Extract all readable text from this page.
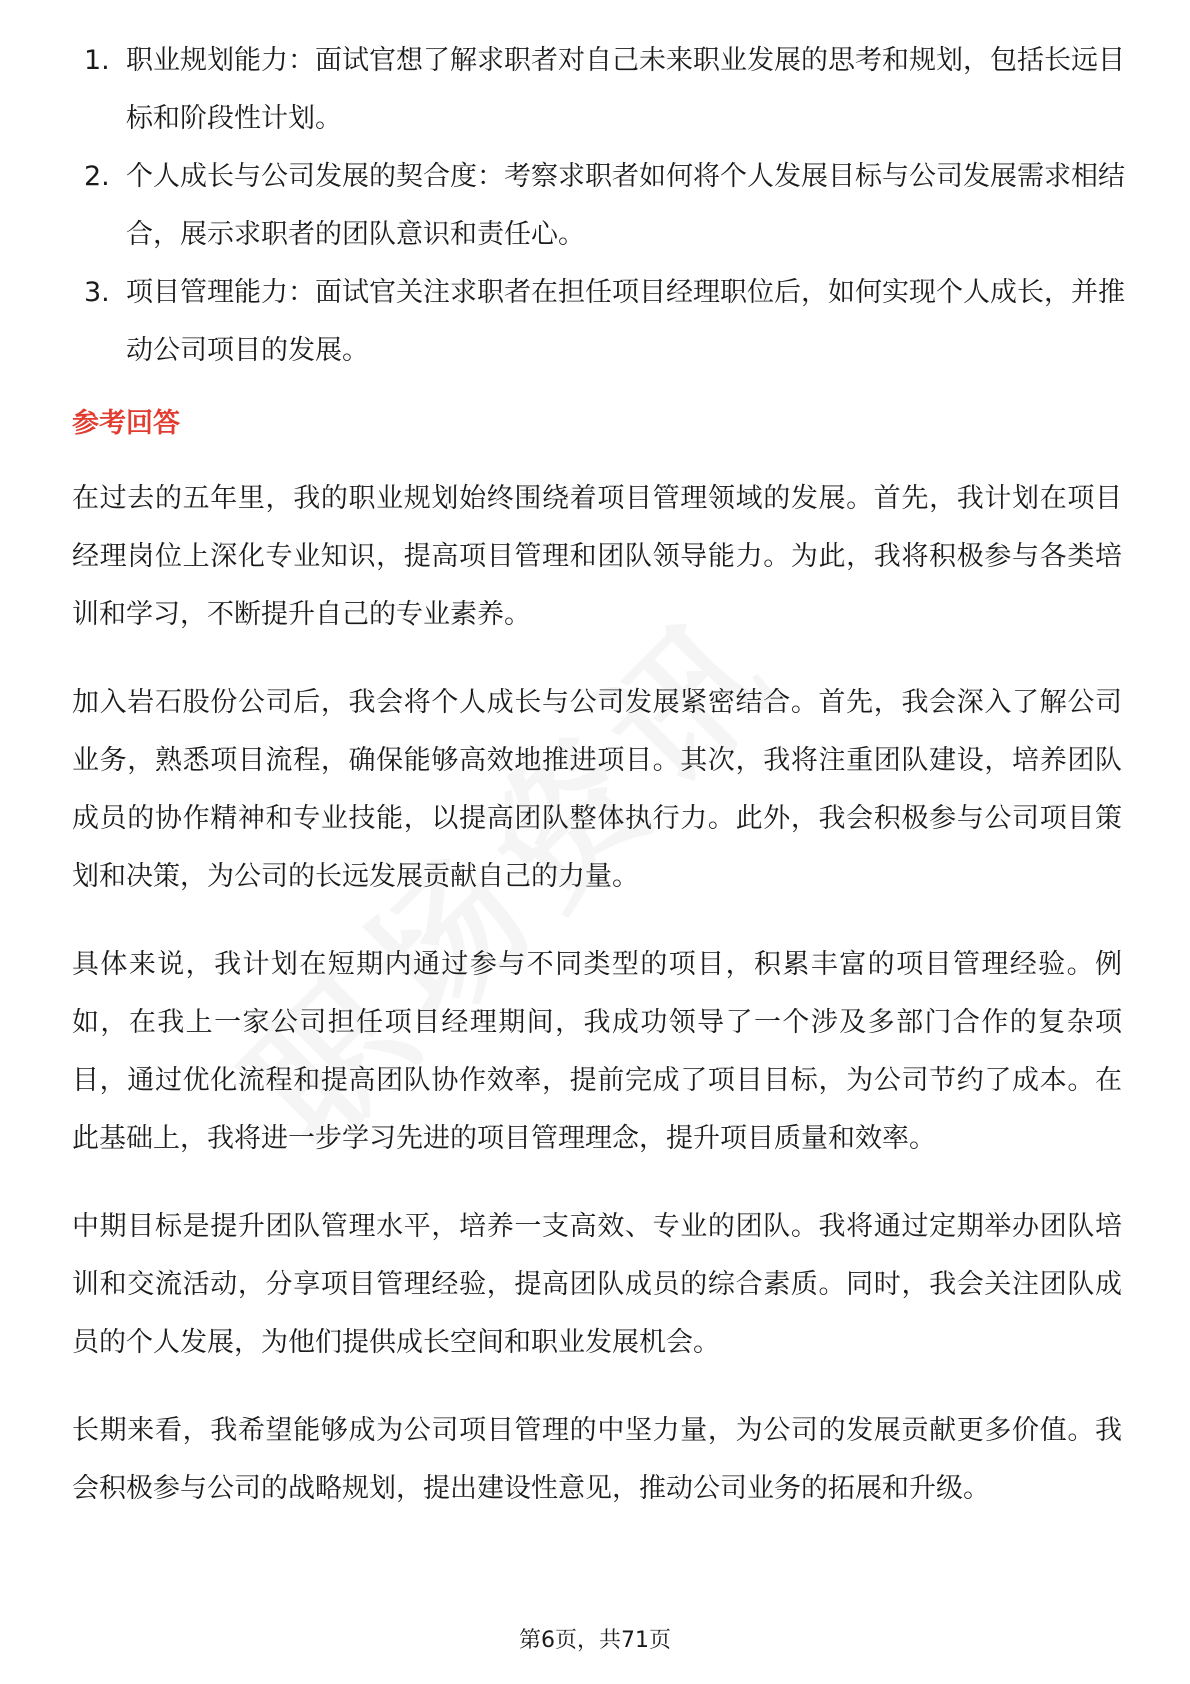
1. 职业规划能力：面试官想了解求职者对自己未来职业发展的思考和规划，包括长远目标和阶段性计划。
2. 个人成长与公司发展的契合度：考察求职者如何将个人发展目标与公司发展需求相结合，展示求职者的团队意识和责任心。
3. 项目管理能力：面试官关注求职者在担任项目经理职位后，如何实现个人成长，并推动公司项目的发展。
参考回答

在过去的五年里，我的职业规划始终围绕着项目管理领域的发展。首先，我计划在项目经理岗位上深化专业知识，提高项目管理和团队领导能力。为此，我将积极参与各类培训和学习，不断提升自己的专业素养。

加入岩石股份公司后，我会将个人成长与公司发展紧密结合。首先，我会深入了解公司业务，熟悉项目流程，确保能够高效地推进项目。其次，我将注重团队建设，培养团队成员的协作精神和专业技能，以提高团队整体执行力。此外，我会积极参与公司项目策划和决策，为公司的长远发展贡献自己的力量。

具体来说，我计划在短期内通过参与不同类型的项目，积累丰富的项目管理经验。例如，在我上一家公司担任项目经理期间，我成功领导了一个涉及多部门合作的复杂项目，通过优化流程和提高团队协作效率，提前完成了项目目标，为公司节约了成本。在此基础上，我将进一步学习先进的项目管理理念，提升项目质量和效率。

中期目标是提升团队管理水平，培养一支高效、专业的团队。我将通过定期举办团队培训和交流活动，分享项目管理经验，提高团队成员的综合素质。同时，我会关注团队成员的个人发展，为他们提供成长空间和职业发展机会。

长期来看，我希望能够成为公司项目管理的中坚力量，为公司的发展贡献更多价值。我会积极参与公司的战略规划，提出建设性意见，推动公司业务的拓展和升级。

第6页，共71页
